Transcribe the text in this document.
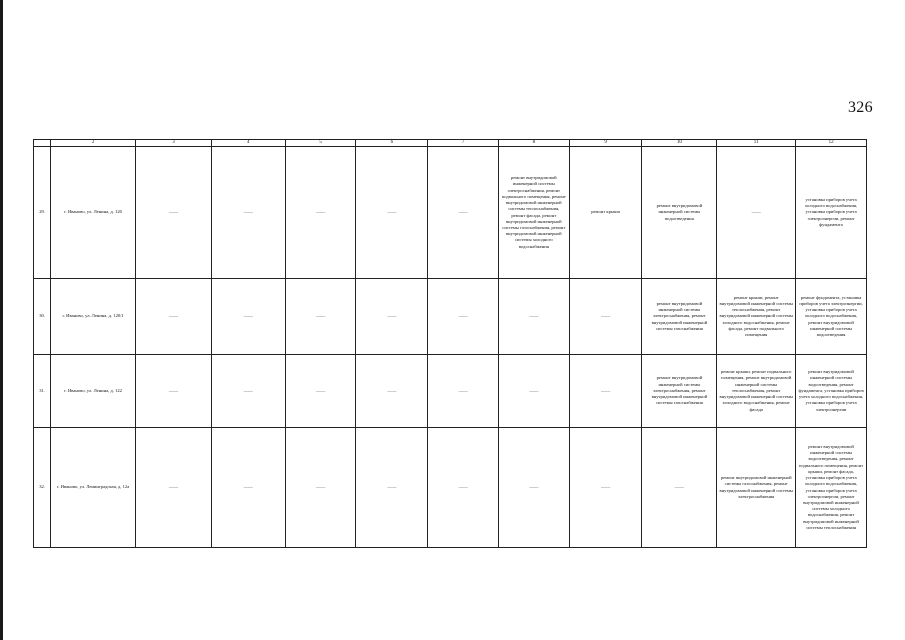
326
	2	3	4	5	6	7	8	9	10	11	12
29.	г. Иваново, ул. Ленина, д. 120	——	——	——	——	——	ремонт внутридомовой инженерной системы электроснабжения, ремонт подвального помещения, ремонт внутридомовой инженерной системы теплоснабжения, ремонт фасада, ремонт внутридомовой инженерной системы газоснабжения, ремонт внутридомовой инженерной системы холодного водоснабжения	ремонт крыши	ремонт внутридомовой инженерной системы водоотведения	——	установка приборов учета холодного водоснабжения, установка приборов учета электроэнергии, ремонт фундамента
30.	г. Иваново, ул. Ленина, д. 120/1	——	——	——	——	——	——	——	ремонт внутридомовой инженерной системы электроснабжения, ремонт внутридомовой инженерной системы газоснабжения	ремонт крыши, ремонт внутридомовой инженерной системы теплоснабжения, ремонт внутридомовой инженерной системы холодного водоснабжения, ремонт фасада, ремонт подвального помещения	ремонт фундамента, установка приборов учета электроэнергии, установка приборов учета холодного водоснабжения, ремонт внутридомовой инженерной системы водоотведения
31.	г. Иваново, ул. Ленина, д. 122	——	——	——	——	——	——	——	ремонт внутридомовой инженерной системы электроснабжения, ремонт внутридомовой инженерной системы газоснабжения	ремонт крыши, ремонт подвального помещения, ремонт внутридомовой инженерной системы теплоснабжения, ремонт внутридомовой инженерной системы холодного водоснабжения, ремонт фасада	ремонт внутридомовой инженерной системы водоотведения, ремонт фундамента, установка приборов учета холодного водоснабжения, установка приборов учета электроэнергии
32.	г. Иваново, ул. Ленинградская, д. 12а	——	——	——	——	——	——	——	——	ремонт внутридомовой инженерной системы газоснабжения, ремонт внутридомовой инженерной системы электроснабжения	ремонт внутридомовой инженерной системы водоотведения, ремонт подвального помещения, ремонт крыши, ремонт фасада, установка приборов учета холодного водоснабжения, установка приборов учета электроэнергии, ремонт внутридомовой инженерной системы холодного водоснабжения, ремонт внутридомовой инженерной системы теплоснабжения
